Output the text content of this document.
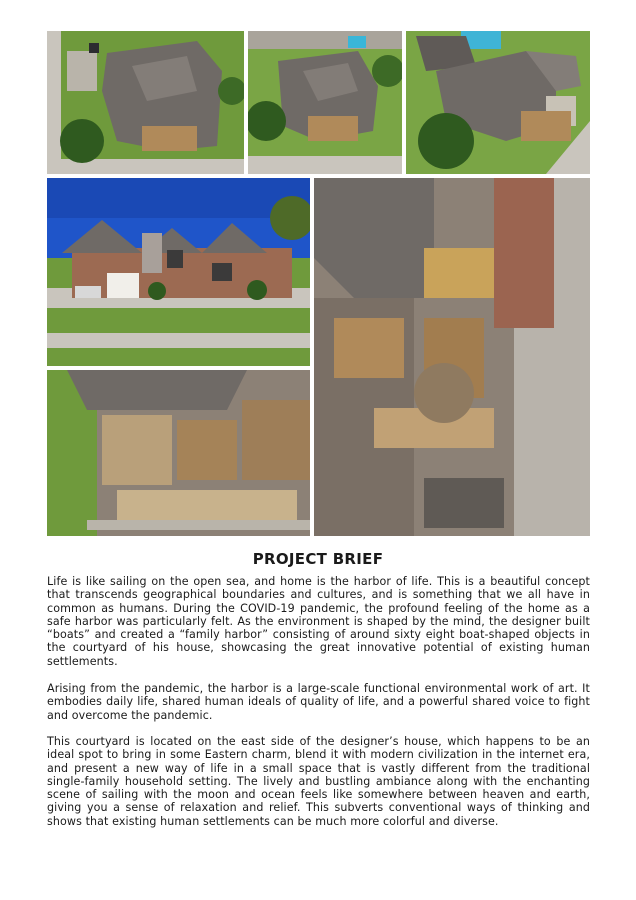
PROJECT BRIEF

Life is like sailing on the open sea, and home is the harbor of life. This is a beautiful concept that transcends geographical boundaries and cultures, and is something that we all have in common as humans. During the COVID-19 pandemic, the profound feeling of the home as a safe harbor was particularly felt. As the environment is shaped by the mind, the designer built “boats” and created a “family harbor” consisting of around sixty eight boat-shaped objects in the courtyard of his house, showcasing the great innovative potential of existing human settlements.

Arising from the pandemic, the harbor is a large-scale functional environmental work of art. It embodies daily life, shared human ideals of quality of life, and a powerful shared voice to fight and overcome the pandemic.

This courtyard is located on the east side of the designer’s house, which happens to be an ideal spot to bring in some Eastern charm, blend it with modern civilization in the internet era, and present a new way of life in a small space that is vastly different from the traditional single-family household setting. The lively and bustling ambiance along with the enchanting scene of sailing with the moon and ocean feels like somewhere between heaven and earth, giving you a sense of relaxation and relief. This subverts conventional ways of thinking and shows that existing human settlements can be much more colorful and diverse.
